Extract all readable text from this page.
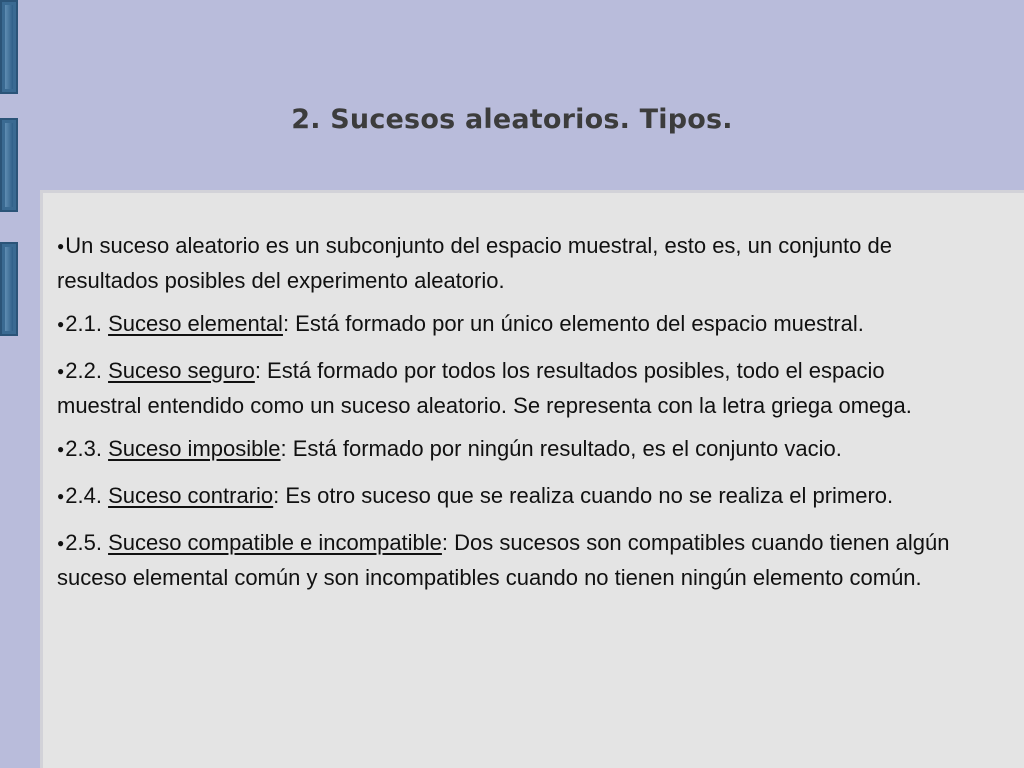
2. Sucesos aleatorios. Tipos.
●Un suceso aleatorio es un subconjunto del espacio muestral, esto es, un conjunto de resultados posibles del experimento aleatorio.
●2.1. Suceso elemental: Está formado por un único elemento del espacio muestral.
●2.2. Suceso seguro: Está formado por todos los resultados posibles, todo el espacio muestral entendido como un suceso aleatorio. Se representa con la letra griega omega.
●2.3. Suceso imposible: Está formado por ningún resultado, es el conjunto vacio.
●2.4. Suceso contrario: Es otro suceso que se realiza cuando no se realiza el primero.
●2.5. Suceso compatible e incompatible: Dos sucesos son compatibles cuando tienen algún suceso elemental común y son incompatibles cuando no tienen ningún elemento común.
